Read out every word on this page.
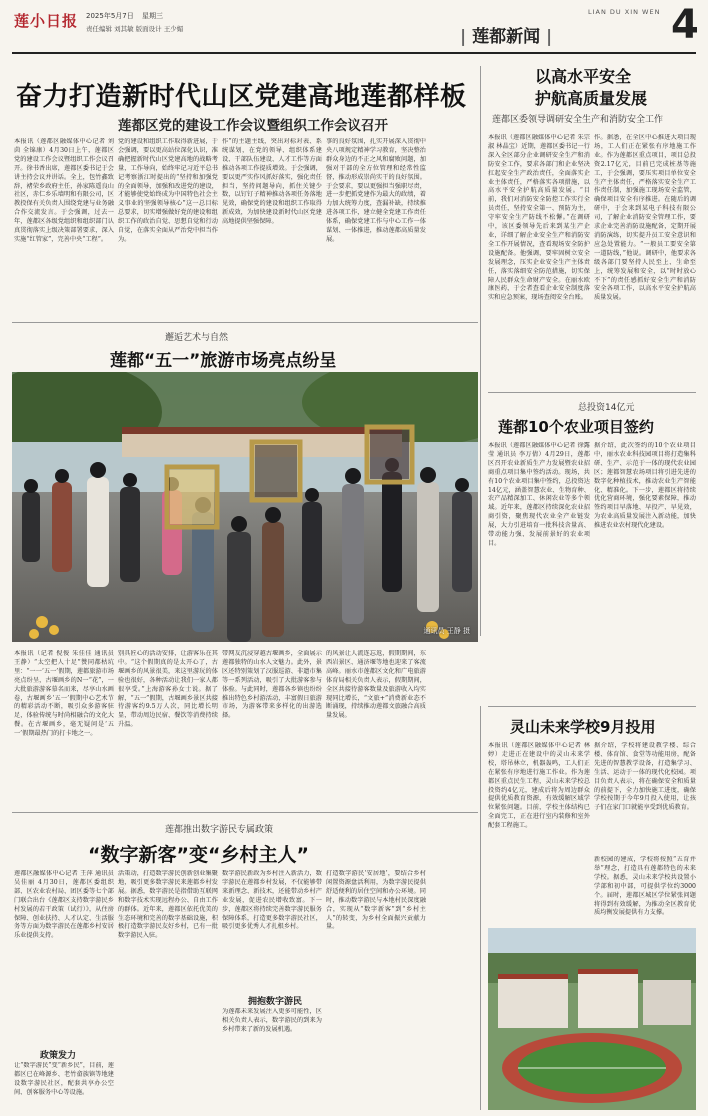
莲小日报 2025年5月7日 星期三
责任编辑 刘其敏 版面设计 王少媚
LIAN DU XIN WEN
| 莲都新闻 |	4
奋力打造新时代山区党建高地莲都样板
莲都区党的建设工作会议暨组织工作会议召开
本报讯（莲都区融媒体中心记者 刘茵 全锦康）4月30日上午，莲都区党的建设工作会议暨组织工作会议召开。徐书香出席，莲都区委书记于会讲主持会议并讲话。全上，包竹鑫致辞，褚荣乡政府主任，孙家陈遥良山社区，赤仁乡乐墙明和有限公司，区教投保有关负责人围绕党建与业务融合作交流发言。于会强调，过去一年，莲都区各级党组织和组织部门认真贯彻落实上级决策部署要求，深入实施“红管家”，完善中央“工程”。
党的建设和组织工作取得新进展，于会强调，要以更高站位深化认识，准确把握新时代山区党建高地的战略考量，工作导向，始终牢记习近平总书记考察浙江时提出的“坚持和加强党的全面领导，加强和改进党的建设，才能够使党始终成为中国特色社会主义事业的坚强领导核心”这一总目标总要求，切实增强做好党的建设和组织工作的政治自觉、思想自觉和行动自觉，在落实全面从严治党中担当作为。
作”的主题主线，突出对标对表、系统谋划，在党的领导、组织体系建设、干部队伍建设、人才工作等方面推动各项工作提质增效。于会强调，要以更严实作风抓好落实，强化责任担当，坚持问题导向，抓住关键少数，以钉钉子精神推动各项任务落地见效，确保党的建设和组织工作取得新成效，为加快建设新时代山区党建高地提供坚强保障。
事的良好氛围，扎实开展深入贯彻中央八项规定精神学习教育，坚决整治群众身边的不正之风和腐败问题，加强对干部的全方位管理和经常性监督，推动形成崇尚实干的良好氛围。于会要求，要以更强担当强职尽责，进一步把抓党建作为最大的政绩，着力加大统筹力度，查漏补缺，持续推进各项工作，建立健全党建工作责任体系，确保党建工作与中心工作一体谋划、一体推进，推动莲都高质量发展。
以高水平安全
护航高质量发展
莲都区委领导调研安全生产和消防安全工作
本报讯（莲都区融媒体中心记者 朱宗淑 林晶宝）近期，莲都区委书记一行深入全区部分企业调研安全生产和消防安全工作，要求各部门和企业坚决扛起安全生产政治责任，全面落实企业主体责任，严格落实各项措施，以高水平安全护航高质量发展。“目前，我们对消防安全防控工作实行全员责任，坚持安全第一、预防为主，守牢安全生产防线不松懈。”在调研中，该区委领导先后来到某生产企业，详细了解企业安全生产和消防安全工作开展情况，查看现场安全防护设施配备。他强调，要牢固树立安全发展理念，压实企业安全生产主体责任，落实落细安全防范措施，切实保障人民群众生命财产安全。在丽水欧康医药，于会者查看企业安全制度落实和应急预案，现场查阅安全台账。
作。据悉，在全区中心推进大项目现场，工人们正在紧张有序地施工作业。作为莲都区重点项目，项目总投资2.17亿元，目前已完成桩基等施工，于会强调，要压实项目单位安全生产主体责任，严格落实安全生产工作责任制，加强施工现场安全监管，确保项目安全有序推进。在随后的调研中，于会来到某电子科技有限公司，了解企业消防安全管理工作，要求企业完善消防设施配备，定期开展消防演练，切实提升员工安全意识和应急处置能力。“一般员工要安全第一道防线，”他说。调研中，他要求各级各部门要坚持人民至上、生命至上，统筹发展和安全，以“时时放心不下”的责任感抓好安全生产和消防安全各项工作，以高水平安全护航高质量发展。
总投资14亿元
莲都10个农业项目签约
本报讯（莲都区融媒体中心记者 徐露莹 通讯员 李万倩）4月29日，莲都区召开农业新质生产力发展暨农业招商重点项目集中签约活动。现场，共有10个农业项目集中签约，总投资达14亿元，涵盖智慧农业、生物育种、农产品精深加工、休闲农业等多个领域。近年来，莲都区持续深化农业招商引资，聚焦现代农业全产业链发展，大力引进培育一批科技含量高、带动能力强、发展前景好的农业项目。
据介绍，此次签约的10个农业项目中，丽水农业科技园项目将打造集科研、生产、示范于一体的现代农业园区；莲都智慧农场项目将引进先进的数字化种植技术，推动农业生产智能化、精准化。下一步，莲都区将持续优化营商环境，强化要素保障，推动签约项目早落地、早投产、早见效，为农业高质量发展注入新动能，加快推进农业农村现代化建设。
邂逅艺术与自然
莲都“五一”旅游市场亮点纷呈
通讯员 王静 摄
本报讯（记者 倪俊 朱佳佳 通讯员 王静）“太空把人十足”赞同都枯坑里：“一一‘五一’假期，莲都旅游市场亮点纷呈，古堰画乡的N一“花”，一大批旅游游客慕名而来，尽享山水画卷，古堰画乡‘五一’假期中心艺术节的精彩活动不断，吸引众多游客驻足，体验传统与时尚相融合的文化大餐。在古堰画乡，毫无疑问是‘五一’假期最热门的打卡地之一。
别具匠心的活动安排，让游客乐在其中。“这个假期真的是太开心了，古堰画乡的风景很美，来这里游玩的体验也很好，各种活动让我们一家人都很享受。”上海游客孙女士说。据了解，“五一”假期，古堰画乡景区共接待游客约9.5万人次，同比增长明显，带动周边民宿、餐饮等消费持续升温。
带网友沉浸穿越古堰画乡，全面展示莲都独特的山水人文魅力。此外，景区还特别策划了汉服巡游、非遗市集等一系列活动，吸引了大批游客参与体验。与此同时，莲都各乡镇也纷纷推出特色乡村游活动，丰富假日旅游市场，为游客带来多样化的出游选择。
的风景让人流连忘返，假期期间，东西岩景区、通济堰等地也迎来了客流高峰。丽水市莲都区文化和广电旅游体育局相关负责人表示，假期期间，全区共接待游客数量及旅游收入均实现同比增长，“文旅+”消费新业态不断涌现，持续推动莲都文旅融合高质量发展。
灵山未来学校9月投用
本报讯（莲都区融媒体中心记者 林婷）走进正在建设中的灵山未来学校，塔吊林立，机器轰鸣，工人们正在紧张有序地进行施工作业。作为莲都区重点民生工程，灵山未来学校总投资约4亿元，建成后将为周边群众提供优质教育资源，有效缓解区域学位紧张问题。目前，学校主体结构已全面完工，正在进行室内装修和室外配套工程施工。
据介绍，学校将建设教学楼、综合楼、体育馆、食堂等功能用房，配备先进的智慧教学设备，打造集学习、生活、运动于一体的现代化校园。项目负责人表示，将在确保安全和质量的前提下，全力加快施工进度，确保学校按期于今年9月投入使用，让孩子们在家门口就能享受到优质教育。
新校园的建成，学校将按照“五育并举”理念，打造具有莲都特色的未来学校。据悉，灵山未来学校共设置小学部和初中部，可提供学位约3000个。届时，莲都区城区学位紧张问题将得到有效缓解，为推动全区教育优质均衡发展提供有力支撑。
莲都推出数字游民专属政策
“数字新客”变“乡村主人”
莲都区融媒体中心记者 王萍 通讯员 吴佳丽 4月30日，莲都区委组织部、区农业农村局、团区委等七个部门联合出台《莲都区支持数字游民乡村发展的若干政策（试行）》，从住房保障、创业扶持、人才认定、生活服务等方面为数字游民在莲都乡村安居乐业提供支持。
活策动，打造数字游民创新创业集聚地，吸引更多数字游民来莲都乡村发展。据悉，数字游民是指借助互联网和数字技术实现远程办公、自由工作的群体。近年来，莲都区依托优美的生态环境和完善的数字基础设施，积极打造数字游民友好乡村，已有一批数字游民入驻。
数字游民新政为乡村注入新活力，数字游民在莲都乡村发展，不仅能够带来新理念、新技术，还能带动乡村产业发展，促进农民增收致富。下一步，莲都区将持续完善数字游民服务保障体系，打造更多数字游民社区，吸引更多优秀人才扎根乡村。
打造数字游民‘安居地’，要结合乡村闲置资源盘活利用，为数字游民提供舒适便利的居住空间和办公环境。同时，推动数字游民与本地村民深度融合，实现从“数字新客”到“乡村主人”的转变，为乡村全面振兴贡献力量。
政策发力
让“数字游民”变“新乡民”，目前，莲都区已在峰源乡、老竹畲族镇等地建设数字游民社区，配套共享办公空间、创客服务中心等设施。
拥抱数字游民
为莲都未来发展注入更多可能性，区相关负责人表示，数字游民的到来为乡村带来了新的发展机遇。
